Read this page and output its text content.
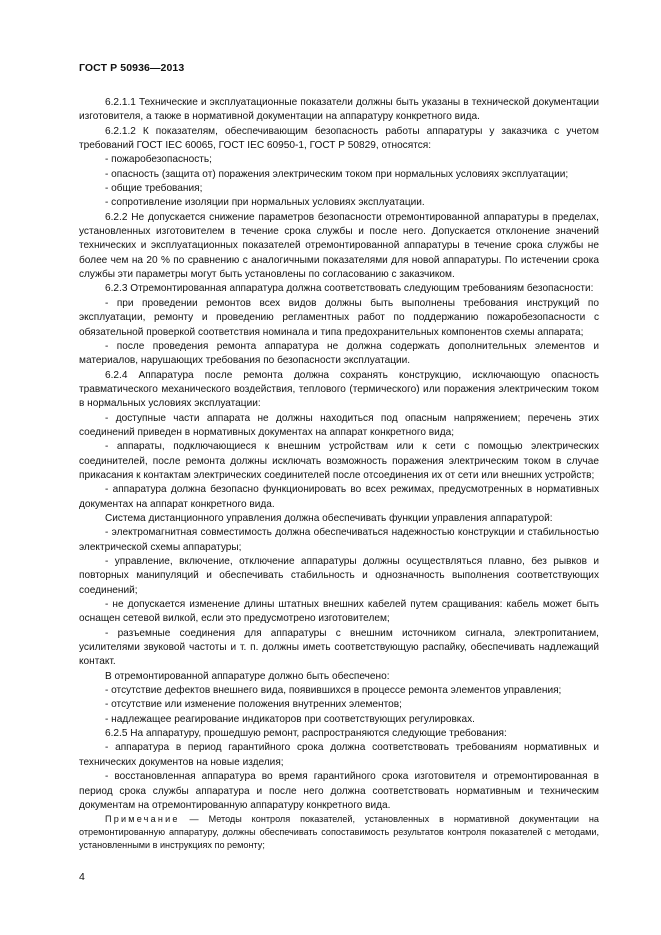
ГОСТ Р 50936—2013

6.2.1.1 Технические и эксплуатационные показатели должны быть указаны в технической документации изготовителя, а также в нормативной документации на аппаратуру конкретного вида.

6.2.1.2 К показателям, обеспечивающим безопасность работы аппаратуры у заказчика с учетом требований ГОСТ IEC 60065, ГОСТ IEC 60950-1, ГОСТ Р 50829, относятся:

- пожаробезопасность;

- опасность (защита от) поражения электрическим током при нормальных условиях эксплуатации;

- общие требования;

- сопротивление изоляции при нормальных условиях эксплуатации.

6.2.2 Не допускается снижение параметров безопасности отремонтированной аппаратуры в пределах, установленных изготовителем в течение срока службы и после него. Допускается отклонение значений технических и эксплуатационных показателей отремонтированной аппаратуры в течение срока службы не более чем на 20 % по сравнению с аналогичными показателями для новой аппаратуры. По истечении срока службы эти параметры могут быть установлены по согласованию с заказчиком.

6.2.3 Отремонтированная аппаратура должна соответствовать следующим требованиям безопасности:

- при проведении ремонтов всех видов должны быть выполнены требования инструкций по эксплуатации, ремонту и проведению регламентных работ по поддержанию пожаробезопасности с обязательной проверкой соответствия номинала и типа предохранительных компонентов схемы аппарата;

- после проведения ремонта аппаратура не должна содержать дополнительных элементов и материалов, нарушающих требования по безопасности эксплуатации.

6.2.4 Аппаратура после ремонта должна сохранять конструкцию, исключающую опасность травматического механического воздействия, теплового (термического) или поражения электрическим током в нормальных условиях эксплуатации:

- доступные части аппарата не должны находиться под опасным напряжением; перечень этих соединений приведен в нормативных документах на аппарат конкретного вида;

- аппараты, подключающиеся к внешним устройствам или к сети с помощью электрических соединителей, после ремонта должны исключать возможность поражения электрическим током в случае прикасания к контактам электрических соединителей после отсоединения их от сети или внешних устройств;

- аппаратура должна безопасно функционировать во всех режимах, предусмотренных в нормативных документах на аппарат конкретного вида.

Система дистанционного управления должна обеспечивать функции управления аппаратурой:

- электромагнитная совместимость должна обеспечиваться надежностью конструкции и стабильностью электрической схемы аппаратуры;

- управление, включение, отключение аппаратуры должны осуществляться плавно, без рывков и повторных манипуляций и обеспечивать стабильность и однозначность выполнения соответствующих соединений;

- не допускается изменение длины штатных внешних кабелей путем сращивания: кабель может быть оснащен сетевой вилкой, если это предусмотрено изготовителем;

- разъемные соединения для аппаратуры с внешним источником сигнала, электропитанием, усилителями звуковой частоты и т. п. должны иметь соответствующую распайку, обеспечивать надлежащий контакт.

В отремонтированной аппаратуре должно быть обеспечено:

- отсутствие дефектов внешнего вида, появившихся в процессе ремонта элементов управления;

- отсутствие или изменение положения внутренних элементов;

- надлежащее реагирование индикаторов при соответствующих регулировках.

6.2.5 На аппаратуру, прошедшую ремонт, распространяются следующие требования:

- аппаратура в период гарантийного срока должна соответствовать требованиям нормативных и технических документов на новые изделия;

- восстановленная аппаратура во время гарантийного срока изготовителя и отремонтированная в период срока службы аппаратура и после него должна соответствовать нормативным и техническим документам на отремонтированную аппаратуру конкретного вида.

Примечание — Методы контроля показателей, установленных в нормативной документации на отремонтированную аппаратуру, должны обеспечивать сопоставимость результатов контроля показателей с методами, установленными в инструкциях по ремонту;

4
